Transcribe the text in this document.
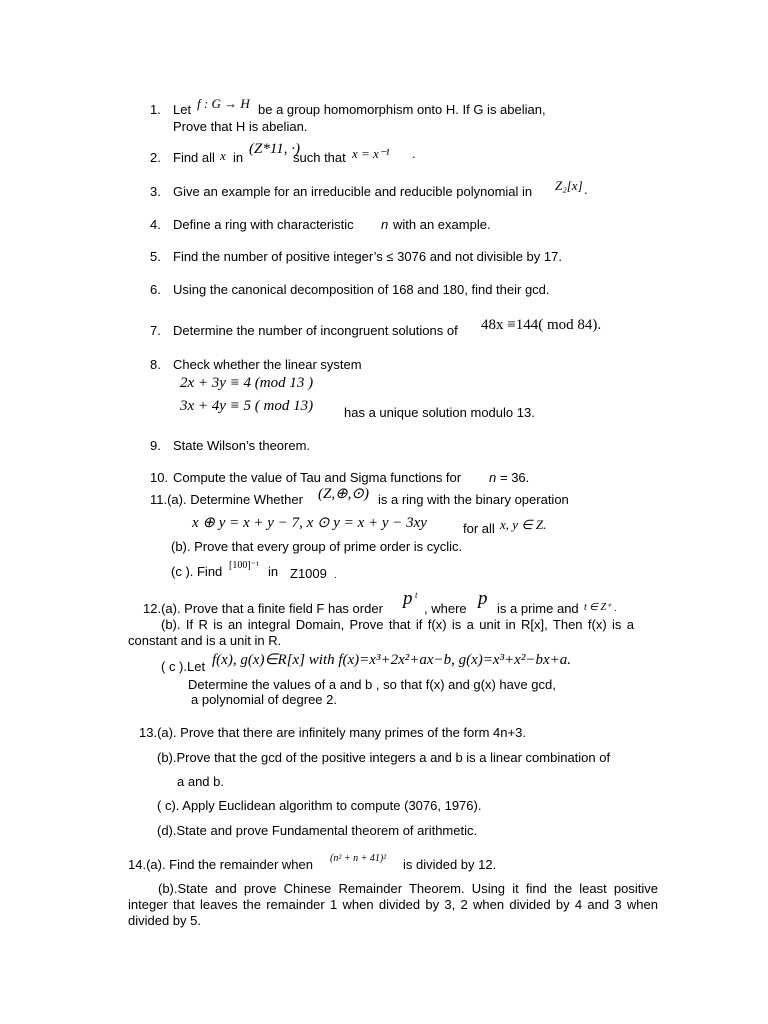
1. Let f : G → H be a group homomorphism onto H. If G is abelian,
Prove that H is abelian.
2. Find all x in
(Z*11, ·)
such that x = x⁻¹ .
3. Give an example for an irreducible and reducible polynomial in Z₂[x] .
4. Define a ring with characteristic n with an example.
5. Find the number of positive integer’s ≤ 3076 and not divisible by 17.
6. Using the canonical decomposition of 168 and 180, find their gcd.
7. Determine the number of incongruent solutions of 48x ≡144( mod 84).
8. Check whether the linear system
2x + 3y ≡ 4 (mod 13 )
3x + 4y ≡ 5 ( mod 13) has a unique solution modulo 13.
9. State Wilson’s theorem.
10. Compute the value of Tau and Sigma functions for n = 36.
11.(a). Determine Whether (Z,⊕,⊙) is a ring with the binary operation
x ⊕ y = x + y − 7, x ⊙ y = x + y − 3xy	for all x, y ∈ Z.
(b). Prove that every group of prime order is cyclic.
(c ). Find [100]⁻¹ in Z1009 .
12.(a). Prove that a finite field F has order p t
, where p is a prime and t ∈ Z⁺ .
(b). If R is an integral Domain, Prove that if f(x) is a unit in R[x], Then f(x) is a constant and is a unit in R.
( c ).Let f(x), g(x)∈R[x] with f(x)=x³+2x²+ax−b, g(x)=x³+x²−bx+a.
Determine the values of a and b , so that f(x) and g(x) have gcd,
a polynomial of degree 2.
13.(a). Prove that there are infinitely many primes of the form 4n+3.
(b).Prove that the gcd of the positive integers a and b is a linear combination of
a and b.
( c). Apply Euclidean algorithm to compute (3076, 1976).
(d).State and prove Fundamental theorem of arithmetic.
14.(a). Find the remainder when (n² + n + 41)² is divided by 12.
(b).State and prove Chinese Remainder Theorem. Using it find the least positive integer that leaves the remainder 1 when divided by 3, 2 when divided by 4 and 3 when divided by 5.
